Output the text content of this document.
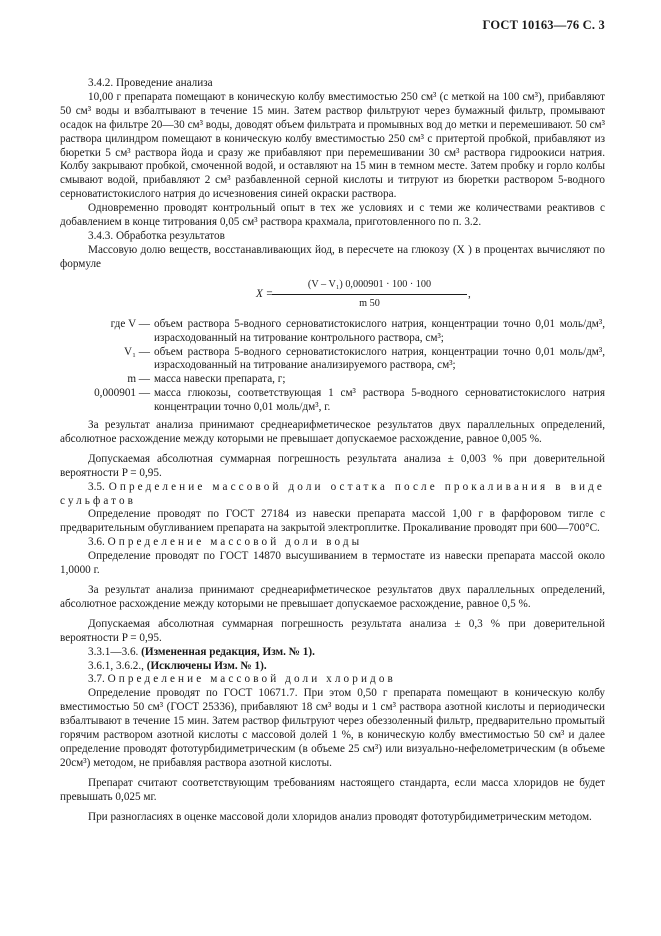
ГОСТ 10163—76 С. 3

3.4.2. Проведение анализа

10,00 г препарата помещают в коническую колбу вместимостью 250 см³ (с меткой на 100 см³), прибавляют 50 см³ воды и взбалтывают в течение 15 мин. Затем раствор фильтруют через бумажный фильтр, промывают осадок на фильтре 20—30 см³ воды, доводят объем фильтрата и промывных вод до метки и перемешивают. 50 см³ раствора цилиндром помещают в коническую колбу вместимостью 250 см³ с притертой пробкой, прибавляют из бюретки 5 см³ раствора йода и сразу же прибавляют при перемешивании 30 см³ раствора гидроокиси натрия. Колбу закрывают пробкой, смоченной водой, и оставляют на 15 мин в темном месте. Затем пробку и горло колбы смывают водой, прибавляют 2 см³ разбавленной серной кислоты и титруют из бюретки раствором 5-водного серноватистокислого натрия до исчезновения синей окраски раствора.

Одновременно проводят контрольный опыт в тех же условиях и с теми же количествами реактивов с добавлением в конце титрования 0,05 см³ раствора крахмала, приготовленного по п. 3.2.

3.4.3. Обработка результатов

Массовую долю веществ, восстанавливающих йод, в пересчете на глюкозу (X ) в процентах вычисляют по формуле

X =
$\frac{\text{(V – V₁) 0,000901 · 100 · 100}}{m 50}$ ,
где V — объем раствора 5-водного серноватистокислого натрия, концентрации точно 0,01 моль/дм³, израсходованный на титрование контрольного раствора, см³;
V₁ — объем раствора 5-водного серноватистокислого натрия, концентрации точно 0,01 моль/дм³, израсходованный на титрование анализируемого раствора, см³;
m — масса навески препарата, г;
0,000901 — масса глюкозы, соответствующая 1 см³ раствора 5-водного серноватистокислого натрия концентрации точно 0,01 моль/дм³, г.

За результат анализа принимают среднеарифметическое результатов двух параллельных определений, абсолютное расхождение между которыми не превышает допускаемое расхождение, равное 0,005 %.

Допускаемая абсолютная суммарная погрешность результата анализа ± 0,003 % при доверительной вероятности P = 0,95.

3.5. Определение массовой доли остатка после прокаливания в виде сульфатов

Определение проводят по ГОСТ 27184 из навески препарата массой 1,00 г в фарфоровом тигле с предварительным обугливанием препарата на закрытой электроплитке. Прокаливание проводят при 600—700°С.

3.6. Определение массовой доли воды

Определение проводят по ГОСТ 14870 высушиванием в термостате из навески препарата массой около 1,0000 г.

За результат анализа принимают среднеарифметическое результатов двух параллельных определений, абсолютное расхождение между которыми не превышает допускаемое расхождение, равное 0,5 %.

Допускаемая абсолютная суммарная погрешность результата анализа ± 0,3 % при доверительной вероятности P = 0,95.

3.3.1—3.6. (Измененная редакция, Изм. № 1).

3.6.1, 3.6.2., (Исключены Изм. № 1).

3.7. Определение массовой доли хлоридов

Определение проводят по ГОСТ 10671.7. При этом 0,50 г препарата помещают в коническую колбу вместимостью 50 см³ (ГОСТ 25336), прибавляют 18 см³ воды и 1 см³ раствора азотной кислоты и периодически взбалтывают в течение 15 мин. Затем раствор фильтруют через обеззоленный фильтр, предварительно промытый горячим раствором азотной кислоты с массовой долей 1 %, в коническую колбу вместимостью 50 см³ и далее определение проводят фототурбидиметрическим (в объеме 25 см³) или визуально-нефелометрическим (в объеме 20см³) методом, не прибавляя раствора азотной кислоты.

Препарат считают соответствующим требованиям настоящего стандарта, если масса хлоридов не будет превышать 0,025 мг.

При разногласиях в оценке массовой доли хлоридов анализ проводят фототурбидиметрическим методом.
